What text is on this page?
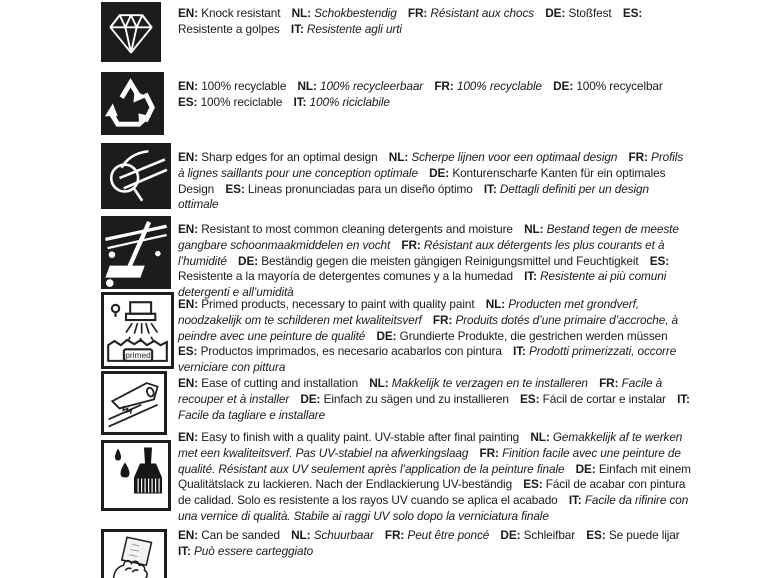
EN: Knock resistant NL: Schokbestendig FR: Résistant aux chocs DE: Stoßfest ES: Resistente a golpes IT: Resistente agli urti
EN: 100% recyclable NL: 100% recycleerbaar FR: 100% recyclable DE: 100% recycelbar ES: 100% reciclable IT: 100% riciclabile
EN: Sharp edges for an optimal design NL: Scherpe lijnen voor een optimaal design FR: Profils à lignes saillants pour une conception optimale DE: Konturenscharfe Kanten für ein optimales Design ES: Lineas pronunciadas para un diseño óptimo IT: Dettagli definiti per un design ottimale
EN: Resistant to most common cleaning detergents and moisture NL: Bestand tegen de meeste gangbare schoonmaakmiddelen en vocht FR: Résistant aux détergents les plus courants et à l’humidité DE: Beständig gegen die meisten gängigen Reinigungsmittel und Feuchtigkeit ES: Resistente a la mayoría de detergentes comunes y a la humedad IT: Resistente ai più comuni detergenti e all’umidità
primed
EN: Primed products, necessary to paint with quality paint NL: Producten met grondverf, noodzakelijk om te schilderen met kwaliteitsverf FR: Produits dotés d’une primaire d’accroche, à peindre avec une peinture de qualité DE: Grundierte Produkte, die gestrichen werden müssen ES: Productos imprimados, es necesario acabarlos con pintura IT: Prodotti primerizzati, occorre verniciare con pittura
EN: Ease of cutting and installation NL: Makkelijk te verzagen en te installeren FR: Facile à recouper et à installer DE: Einfach zu sägen und zu installieren ES: Fácil de cortar e instalar IT: Facile da tagliare e installare
EN: Easy to finish with a quality paint. UV-stable after final painting NL: Gemakkelijk af te werken met een kwaliteitsverf. Pas UV-stabiel na afwerkingslaag FR: Finition facile avec une peinture de qualité. Résistant aux UV seulement après l’application de la peinture finale DE: Einfach mit einem Qualitätslack zu lackieren. Nach der Endlackierung UV-beständig ES: Fácil de acabar con pintura de calidad. Solo es resistente a los rayos UV cuando se aplica el acabado IT: Facile da rifinire con una vernice di qualità. Stabile ai raggi UV solo dopo la verniciatura finale
EN: Can be sanded NL: Schuurbaar FR: Peut être poncé DE: Schleifbar ES: Se puede lijar IT: Può essere carteggiato
